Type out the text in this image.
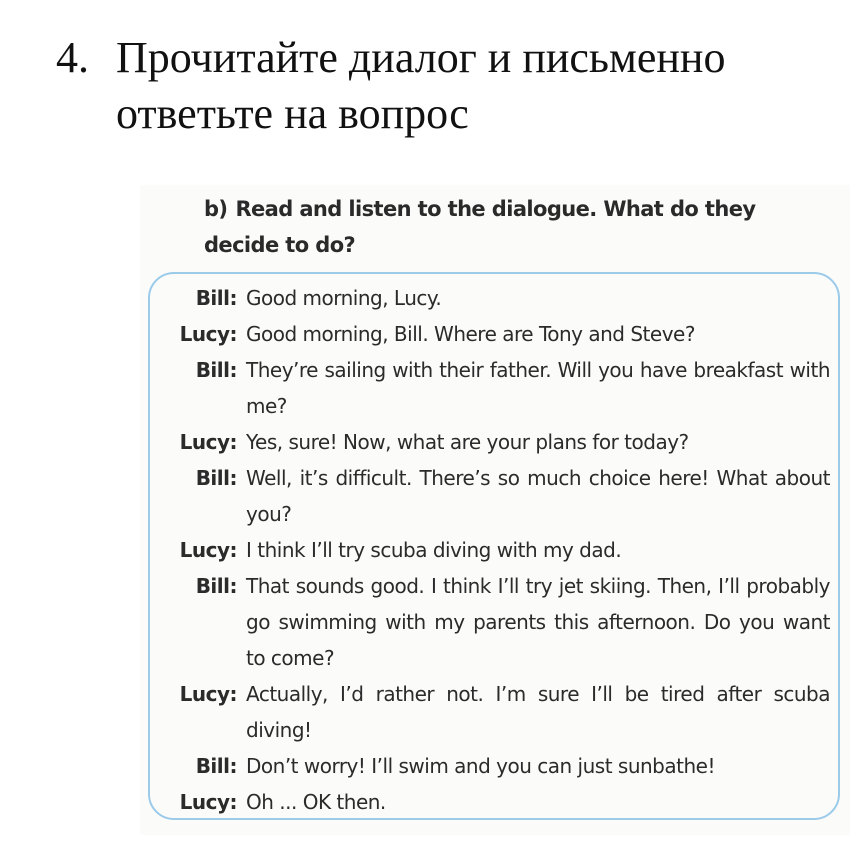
4. Прочитайте диалог и письменно ответьте на вопрос
b) Read and listen to the dialogue. What do they decide to do?
Bill: Good morning, Lucy.
Lucy: Good morning, Bill. Where are Tony and Steve?
Bill: They’re sailing with their father. Will you have breakfast with me?
Lucy: Yes, sure! Now, what are your plans for today?
Bill: Well, it’s difficult. There’s so much choice here! What about you?
Lucy: I think I’ll try scuba diving with my dad.
Bill: That sounds good. I think I’ll try jet skiing. Then, I’ll probably go swimming with my parents this afternoon. Do you want to come?
Lucy: Actually, I’d rather not. I’m sure I’ll be tired after scuba diving!
Bill: Don’t worry! I’ll swim and you can just sunbathe!
Lucy: Oh ... OK then.
